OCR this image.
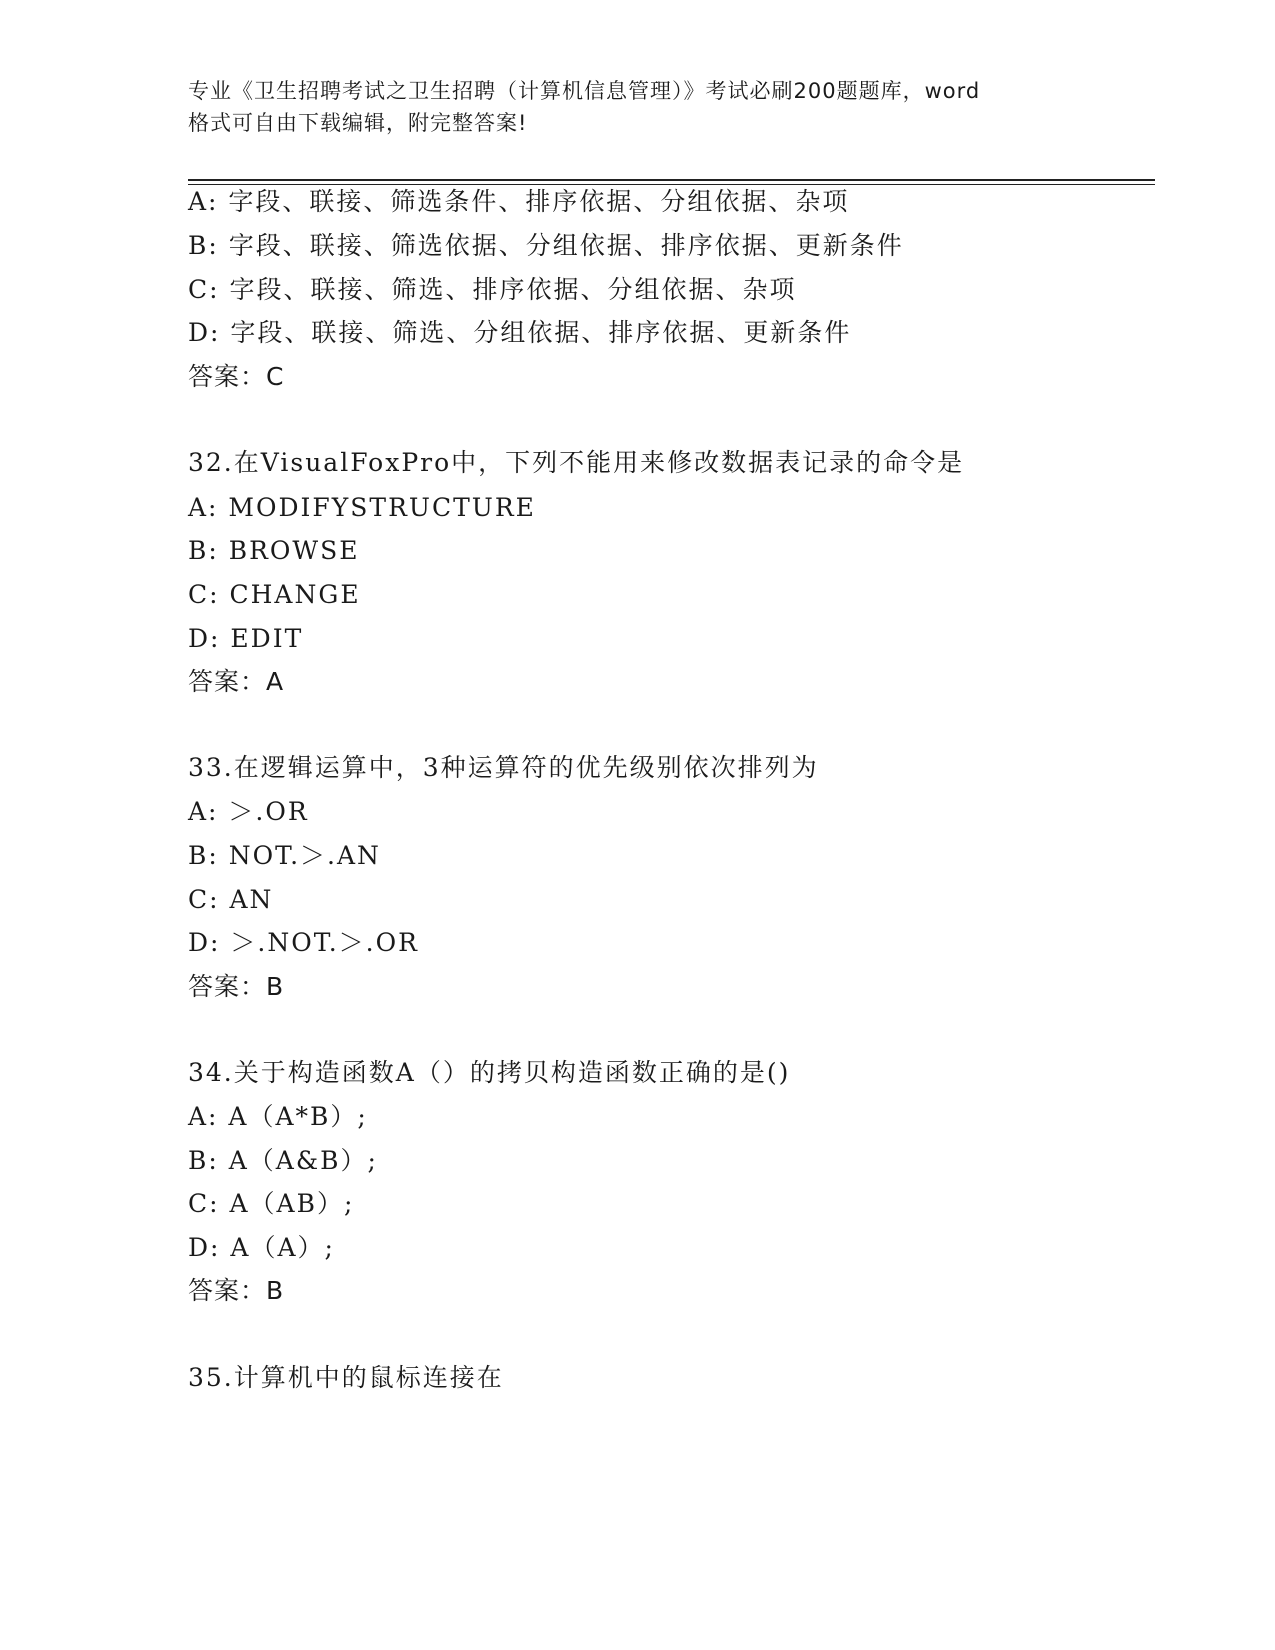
专业《卫生招聘考试之卫生招聘（计算机信息管理）》考试必刷200题题库，word
格式可自由下载编辑，附完整答案!
A: 字段、联接、筛选条件、排序依据、分组依据、杂项
B: 字段、联接、筛选依据、分组依据、排序依据、更新条件
C: 字段、联接、筛选、排序依据、分组依据、杂项
D: 字段、联接、筛选、分组依据、排序依据、更新条件
答案：C
32.在VisualFoxPro中，下列不能用来修改数据表记录的命令是
A: MODIFYSTRUCTURE
B: BROWSE
C: CHANGE
D: EDIT
答案：A
33.在逻辑运算中，3种运算符的优先级别依次排列为
A: ＞.OR
B: NOT.＞.AN
C: AN
D: ＞.NOT.＞.OR
答案：B
34.关于构造函数A（）的拷贝构造函数正确的是()
A: A（A*B）;
B: A（A&B）;
C: A（AB）;
D: A（A）;
答案：B
35.计算机中的鼠标连接在
